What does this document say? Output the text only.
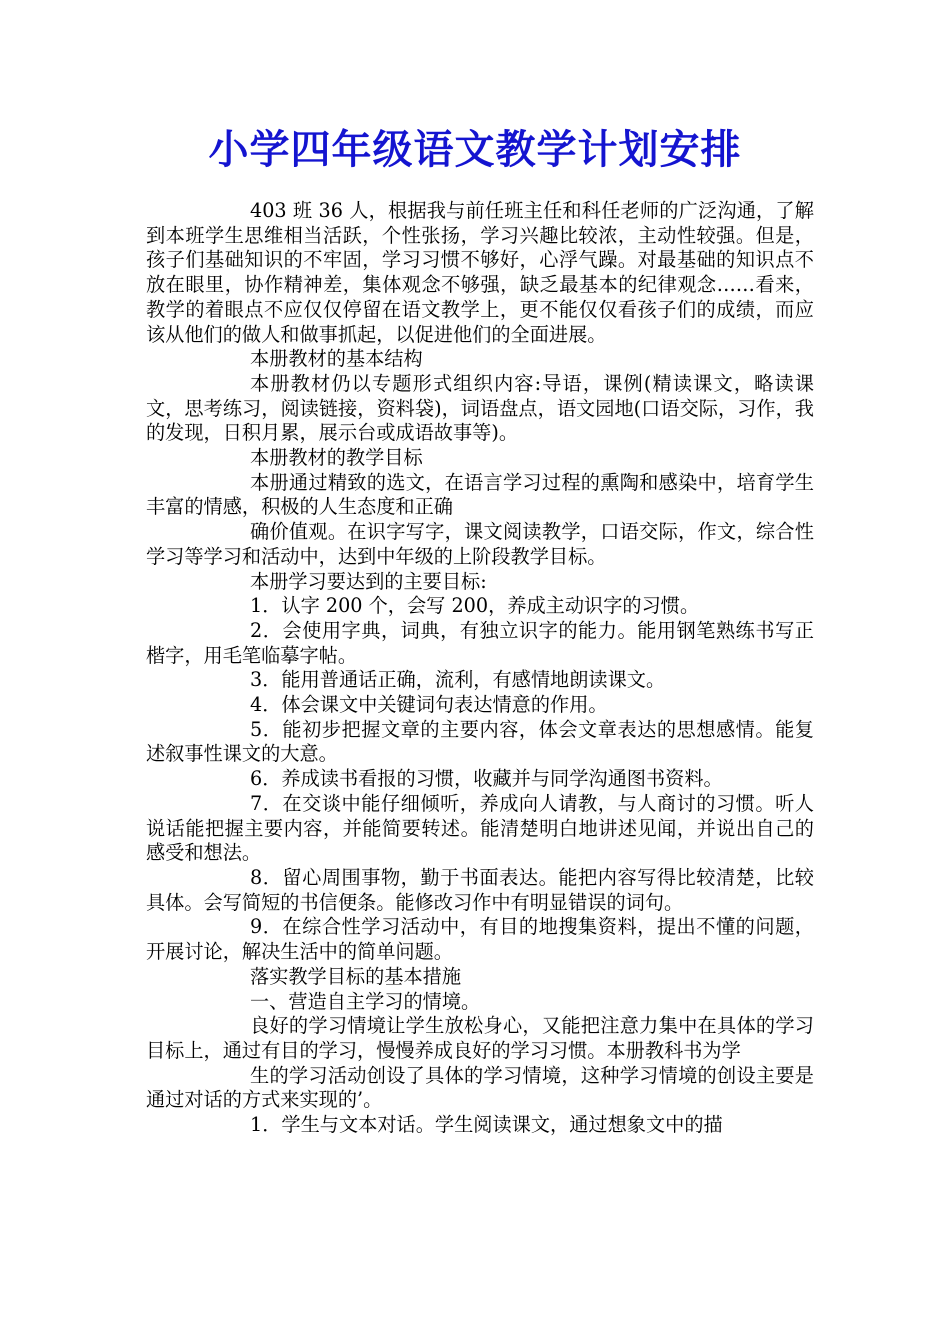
小学四年级语文教学计划安排

403 班 36 人，根据我与前任班主任和科任老师的广泛沟通，了解到本班学生思维相当活跃，个性张扬，学习兴趣比较浓，主动性较强。但是，孩子们基础知识的不牢固，学习习惯不够好，心浮气躁。对最基础的知识点不放在眼里，协作精神差，集体观念不够强，缺乏最基本的纪律观念……看来，教学的着眼点不应仅仅停留在语文教学上，更不能仅仅看孩子们的成绩，而应该从他们的做人和做事抓起，以促进他们的全面进展。

本册教材的基本结构

本册教材仍以专题形式组织内容:导语，课例(精读课文，略读课文，思考练习，阅读链接，资料袋)，词语盘点，语文园地(口语交际，习作，我的发现，日积月累，展示台或成语故事等)。

本册教材的教学目标

本册通过精致的选文，在语言学习过程的熏陶和感染中，培育学生丰富的情感，积极的人生态度和正确

确价值观。在识字写字，课文阅读教学，口语交际，作文，综合性学习等学习和活动中，达到中年级的上阶段教学目标。

本册学习要达到的主要目标:

1．认字 200 个，会写 200，养成主动识字的习惯。

2．会使用字典，词典，有独立识字的能力。能用钢笔熟练书写正楷字，用毛笔临摹字帖。

3．能用普通话正确，流利，有感情地朗读课文。

4．体会课文中关键词句表达情意的作用。

5．能初步把握文章的主要内容，体会文章表达的思想感情。能复述叙事性课文的大意。

6．养成读书看报的习惯，收藏并与同学沟通图书资料。

7．在交谈中能仔细倾听，养成向人请教，与人商讨的习惯。听人说话能把握主要内容，并能简要转述。能清楚明白地讲述见闻，并说出自己的感受和想法。

8．留心周围事物，勤于书面表达。能把内容写得比较清楚，比较具体。会写简短的书信便条。能修改习作中有明显错误的词句。

9．在综合性学习活动中，有目的地搜集资料，提出不懂的问题，开展讨论，解决生活中的简单问题。

落实教学目标的基本措施

一、营造自主学习的情境。

良好的学习情境让学生放松身心，又能把注意力集中在具体的学习目标上，通过有目的学习，慢慢养成良好的学习习惯。本册教科书为学

生的学习活动创设了具体的学习情境，这种学习情境的创设主要是通过对话的方式来实现的’。

1．学生与文本对话。学生阅读课文，通过想象文中的描
